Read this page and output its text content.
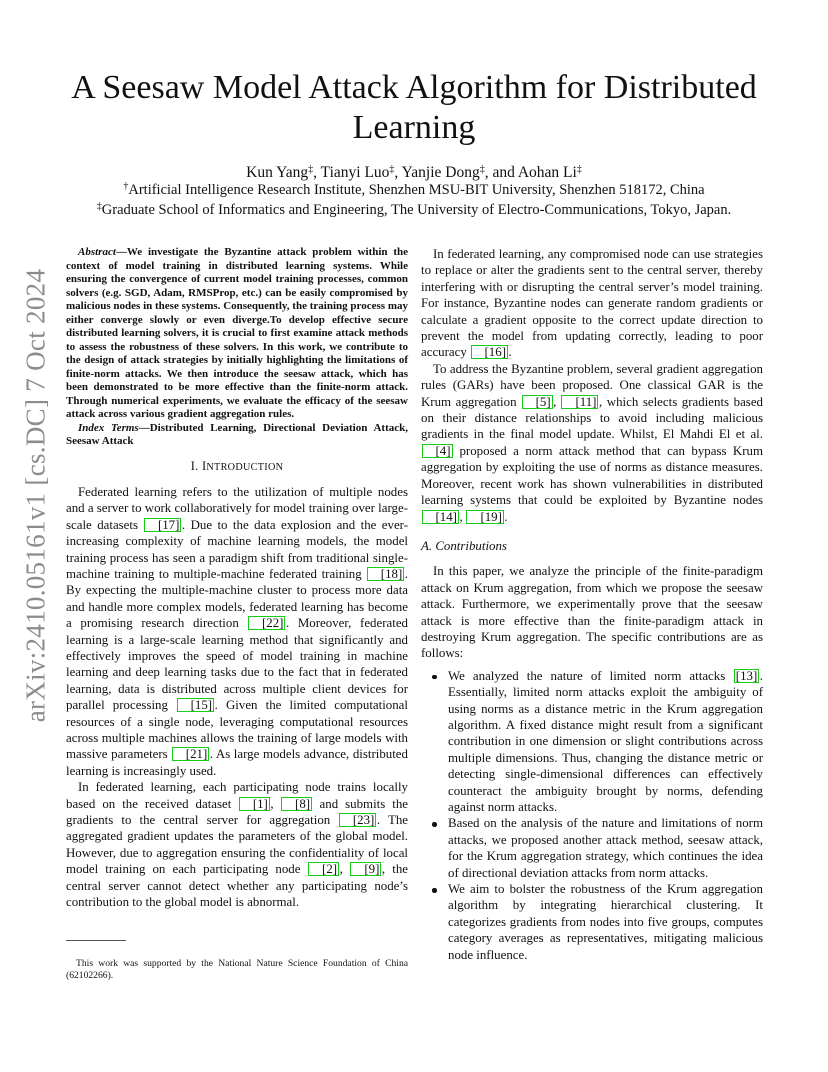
arXiv:2410.05161v1 [cs.DC] 7 Oct 2024
A Seesaw Model Attack Algorithm for Distributed Learning
Kun Yang‡, Tianyi Luo‡, Yanjie Dong‡, and Aohan Li‡
†Artificial Intelligence Research Institute, Shenzhen MSU-BIT University, Shenzhen 518172, China
‡Graduate School of Informatics and Engineering, The University of Electro-Communications, Tokyo, Japan.

Abstract—We investigate the Byzantine attack problem within the context of model training in distributed learning systems. While ensuring the convergence of current model training processes, common solvers (e.g. SGD, Adam, RMSProp, etc.) can be easily compromised by malicious nodes in these systems. Consequently, the training process may either converge slowly or even diverge.To develop effective secure distributed learning solvers, it is crucial to first examine attack methods to assess the robustness of these solvers. In this work, we contribute to the design of attack strategies by initially highlighting the limitations of finite-norm attacks. We then introduce the seesaw attack, which has been demonstrated to be more effective than the finite-norm attack. Through numerical experiments, we evaluate the efficacy of the seesaw attack across various gradient aggregation rules.

Index Terms—Distributed Learning, Directional Deviation Attack, Seesaw Attack

I. INTRODUCTION

Federated learning refers to the utilization of multiple nodes and a server to work collaboratively for model training over large-scale datasets [17] . Due to the data explosion and the ever-increasing complexity of machine learning models, the model training process has seen a paradigm shift from traditional single-machine training to multiple-machine federated training [18] . By expecting the multiple-machine cluster to process more data and handle more complex models, federated learning has become a promising research direction [22] . Moreover, federated learning is a large-scale learning method that significantly and effectively improves the speed of model training in machine learning and deep learning tasks due to the fact that in federated learning, data is distributed across multiple client devices for parallel processing [15] . Given the limited computational resources of a single node, leveraging computational resources across multiple machines allows the training of large models with massive parameters [21] . As large models advance, distributed learning is increasingly used.

In federated learning, each participating node trains locally based on the received dataset [1] , [8] and submits the gradients to the central server for aggregation [23] . The aggregated gradient updates the parameters of the global model. However, due to aggregation ensuring the confidentiality of local model training on each participating node [2] , [9] , the central server cannot detect whether any participating node’s contribution to the global model is abnormal.

This work was supported by the National Nature Science Foundation of China (62102266).

In federated learning, any compromised node can use strategies to replace or alter the gradients sent to the central server, thereby interfering with or disrupting the central server’s model training. For instance, Byzantine nodes can generate random gradients or calculate a gradient opposite to the correct update direction to prevent the model from updating correctly, leading to poor accuracy [16] .

To address the Byzantine problem, several gradient aggregation rules (GARs) have been proposed. One classical GAR is the Krum aggregation [5] , [11] , which selects gradients based on their distance relationships to avoid including malicious gradients in the final model update. Whilst, El Mahdi El et al. [4] proposed a norm attack method that can bypass Krum aggregation by exploiting the use of norms as distance measures. Moreover, recent work has shown vulnerabilities in distributed learning systems that could be exploited by Byzantine nodes [14] , [19] .

A. Contributions

In this paper, we analyze the principle of the finite-paradigm attack on Krum aggregation, from which we propose the seesaw attack. Furthermore, we experimentally prove that the seesaw attack is more effective than the finite-paradigm attack in destroying Krum aggregation. The specific contributions are as follows:

We analyzed the nature of limited norm attacks [13] . Essentially, limited norm attacks exploit the ambiguity of using norms as a distance metric in the Krum aggregation algorithm. A fixed distance might result from a significant contribution in one dimension or slight contributions across multiple dimensions. Thus, changing the distance metric or detecting single-dimensional differences can effectively counteract the ambiguity brought by norms, defending against norm attacks.
Based on the analysis of the nature and limitations of norm attacks, we proposed another attack method, seesaw attack, for the Krum aggregation strategy, which continues the idea of directional deviation attacks from norm attacks.
We aim to bolster the robustness of the Krum aggregation algorithm by integrating hierarchical clustering. It categorizes gradients from nodes into five groups, computes category averages as representatives, mitigating malicious node influence.
